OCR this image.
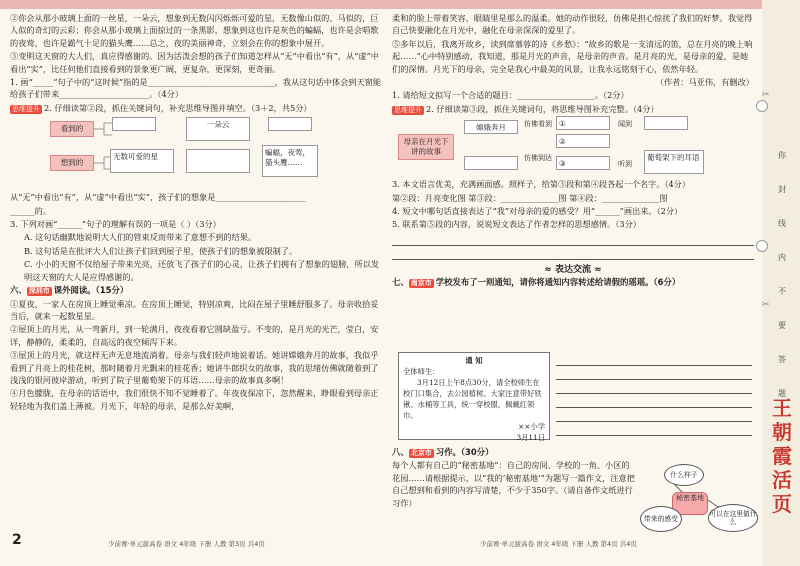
②你会从那小玻璃上面的一丝星，一朵云，想象到无数闪闪烁烁可爱的星，无数像山似的、马似的，巨人似的奇幻的云彩；你会从那小玻璃上面掠过的一条黑影，想象到这也许是灰色的蝙蝠，也许是会唱歌的夜莺，也许是霸气十足的猫头鹰……总之，夜的美丽神奇，立刻会在你的想象中展开。

③变明这天窗的大人们，真应得感谢的。因为活泼会想的孩子们知道怎样从“无”中看出“有”，从“虚”中看出“实”，比任何他们直接看到的景象更广阔，更复杂，更深刻，更奇丽。

1. 画“_____”句子中的“这时候”指的是_______________________________，我从这句话中体会到天窗能给孩子们带来______________________。（4分）

思维提升 2. 仔细读第②段，抓住关键词句，补充思维导图并填空。（3＋2，共5分）

看到的
想到的
一朵云
无数可爱的星	蝙蝠，夜莺，猫头鹰……

从“无”中看出“有”，从“虚”中看出“实”，孩子们的想象是______________________

______的。

3. 下列对画“______”句子的理解有误的一项是（ ）（3分）

A. 这句话幽默地说明大人们的管束反而带来了意想不到的结果。

B. 这句话是在批评大人们让孩子们回到屋子里，使孩子们的想象被限制了。

C. 小小的天窗不仅给屋子带来光亮，还放飞了孩子们的心灵，让孩子们拥有了想象的翅膀，所以发明这天窗的大人是应得感谢的。

六、 深圳市 课外阅读。（15分）

①夏夜，一家人在房顶上睡觉乘凉。在房顶上睡觉，特别凉爽，比闷在屋子里睡舒服多了。母亲收拾妥当后，就来一起数星星。

②屋顶上的月光，从一弯新月，到一轮满月，夜夜看着它圆缺盈亏。不变的，是月光的光芒，莹白，安详，静静的，柔柔的，自高远的夜空倾泻下来。

③屋顶上的月光，就这样无声无息地流淌着。母亲与我们轻声地说着话。她讲嫦娥奔月的故事，我似乎看到了月亮上的桂花树，那时随着月光飘来的桂花香；她讲牛郎织女的故事，我的思绪仿佛就随着到了浅浅的银河彼岸游动，听到了院子里葡萄架下的耳语……母亲的故事真多啊！

④月色朦胧，在母亲的话语中，我们很快不知不觉睡着了。年夜夜保凉下，忽然醒来，睁眼看到母亲正轻轻地为我们盖上薄被。月光下，年轻的母亲，是那么好美啊，

柔和的脸上带着笑容，眼睛里是那么的温柔。她的动作很轻，仿佛是担心惊扰了我们的好梦。我觉得自己快要融化在月光中，融化在母亲深深的爱里了。

⑤多年以后，我离开故乡，读到席慕蓉的诗《乡愁》：“故乡的歌是一支清远的笛，总在月亮的晚上响起……”心中特别感动，我知道，那是月光的声音，是母亲的声音。是月亮的光，是母亲的爱，是她们的深情。月光下的母亲，完全是我心中最美的风景，让我永远铭刻于心，依然年轻。

（作者：马亚伟，有删改）

1. 请给短文拟写一个合适的题目：___________________。（2分）

思维提升 2. 仔细读第③段，抓住关键词句，将思维导图补充完整。（4分）

母亲在月光下讲的故事
嫦娥奔月	仿佛看到
仿佛到达
①
②
③
闻到
听到
葡萄架下的耳语

3. 本文语言优美，充满画面感。照样子，给第③段和第④段各起一个名字。（4分）

第②段：月亮变化图 第③段：______________图 第④段：______________图

4. 短文中哪句话直接表达了“我”对母亲的爱的感受？用“______”画出来。（2分）

5. 联系第⑤段的内容，说说短文表达了作者怎样的思想感情。（3分）

≈ 表达交流 ≈

七、 南京市 学校发布了一则通知，请你将通知内容转述给请假的瑶瑶。（6分）

通 知
全体师生：
3月12日上午8点30分，请全校师生在校门口集合，去公园植树。大家注意带好铁锹、水桶等工具，统一穿校服，佩戴红领巾。
××小学
3月11日

八、 北京市 习作。（30分）

每个人都有自己的“秘密基地”：自己的房间、学校的一角、小区的花园……请根据提示，以“我的‘秘密基地’”为题写一篇作文，注意把自己想到和看到的内容写清楚，不少于350字。（请自备作文纸进行习作）

什么样子
秘密基地
带来的感受
可以在这里做什么
2	少前赛·单元拔高卷 语文 4年级 下册 人教 第3页 共4页	少前赛·单元拔高卷 语文 4年级 下册 人教 第4页 共4页
✂
✂
你
封
线
内
不
要
答
题
王朝霞活页
